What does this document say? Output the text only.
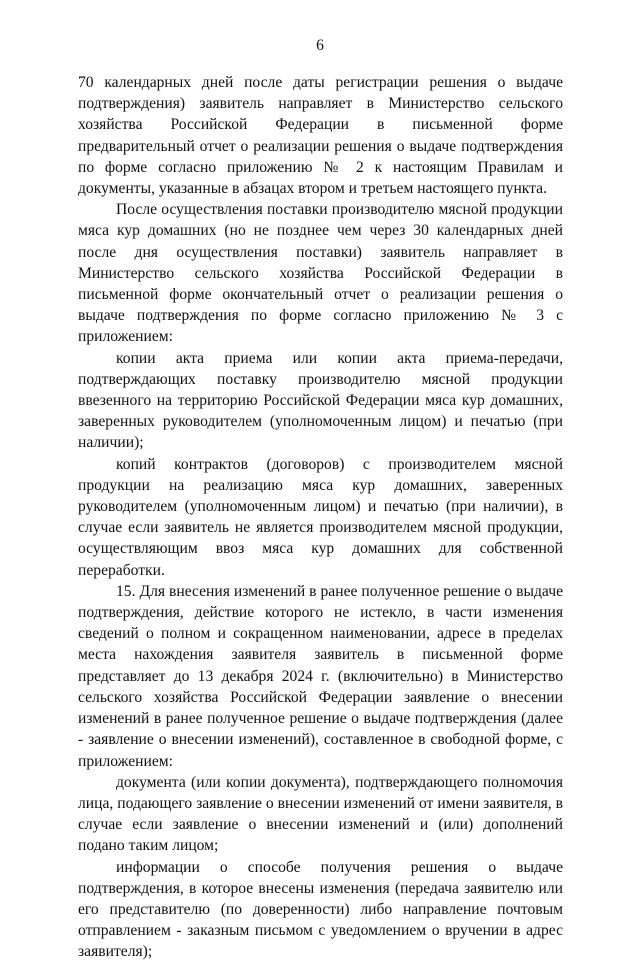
6

70 календарных дней после даты регистрации решения о выдаче подтверждения) заявитель направляет в Министерство сельского хозяйства Российской Федерации в письменной форме предварительный отчет о реализации решения о выдаче подтверждения по форме согласно приложению № 2 к настоящим Правилам и документы, указанные в абзацах втором и третьем настоящего пункта.

После осуществления поставки производителю мясной продукции мяса кур домашних (но не позднее чем через 30 календарных дней после дня осуществления поставки) заявитель направляет в Министерство сельского хозяйства Российской Федерации в письменной форме окончательный отчет о реализации решения о выдаче подтверждения по форме согласно приложению № 3 с приложением:

копии акта приема или копии акта приема-передачи, подтверждающих поставку производителю мясной продукции ввезенного на территорию Российской Федерации мяса кур домашних, заверенных руководителем (уполномоченным лицом) и печатью (при наличии);

копий контрактов (договоров) с производителем мясной продукции на реализацию мяса кур домашних, заверенных руководителем (уполномоченным лицом) и печатью (при наличии), в случае если заявитель не является производителем мясной продукции, осуществляющим ввоз мяса кур домашних для собственной переработки.

15. Для внесения изменений в ранее полученное решение о выдаче подтверждения, действие которого не истекло, в части изменения сведений о полном и сокращенном наименовании, адресе в пределах места нахождения заявителя заявитель в письменной форме представляет до 13 декабря 2024 г. (включительно) в Министерство сельского хозяйства Российской Федерации заявление о внесении изменений в ранее полученное решение о выдаче подтверждения (далее - заявление о внесении изменений), составленное в свободной форме, с приложением:

документа (или копии документа), подтверждающего полномочия лица, подающего заявление о внесении изменений от имени заявителя, в случае если заявление о внесении изменений и (или) дополнений подано таким лицом;

информации о способе получения решения о выдаче подтверждения, в которое внесены изменения (передача заявителю или его представителю (по доверенности) либо направление почтовым отправлением - заказным письмом с уведомлением о вручении в адрес заявителя);
